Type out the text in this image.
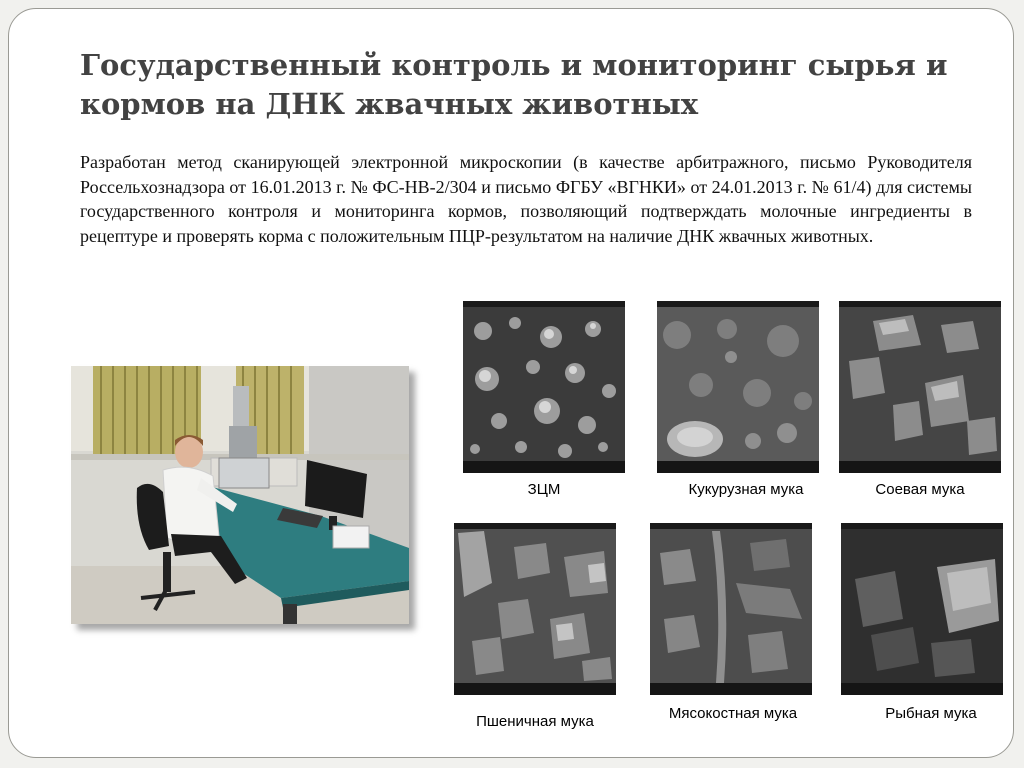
Государственный контроль и мониторинг сырья и кормов на ДНК жвачных животных

Разработан метод сканирующей электронной микроскопии (в качестве арбитражного, письмо Руководителя Россельхознадзора от 16.01.2013 г. № ФС-НВ-2/304 и письмо ФГБУ «ВГНКИ» от 24.01.2013 г. № 61/4) для системы государственного контроля и мониторинга кормов, позволяющий подтверждать молочные ингредиенты в рецептуре и проверять корма с положительным ПЦР-результатом на наличие ДНК жвачных животных.

ЗЦМ	Кукурузная мука	Соевая мука
Пшеничная мука	Мясокостная мука	Рыбная мука
